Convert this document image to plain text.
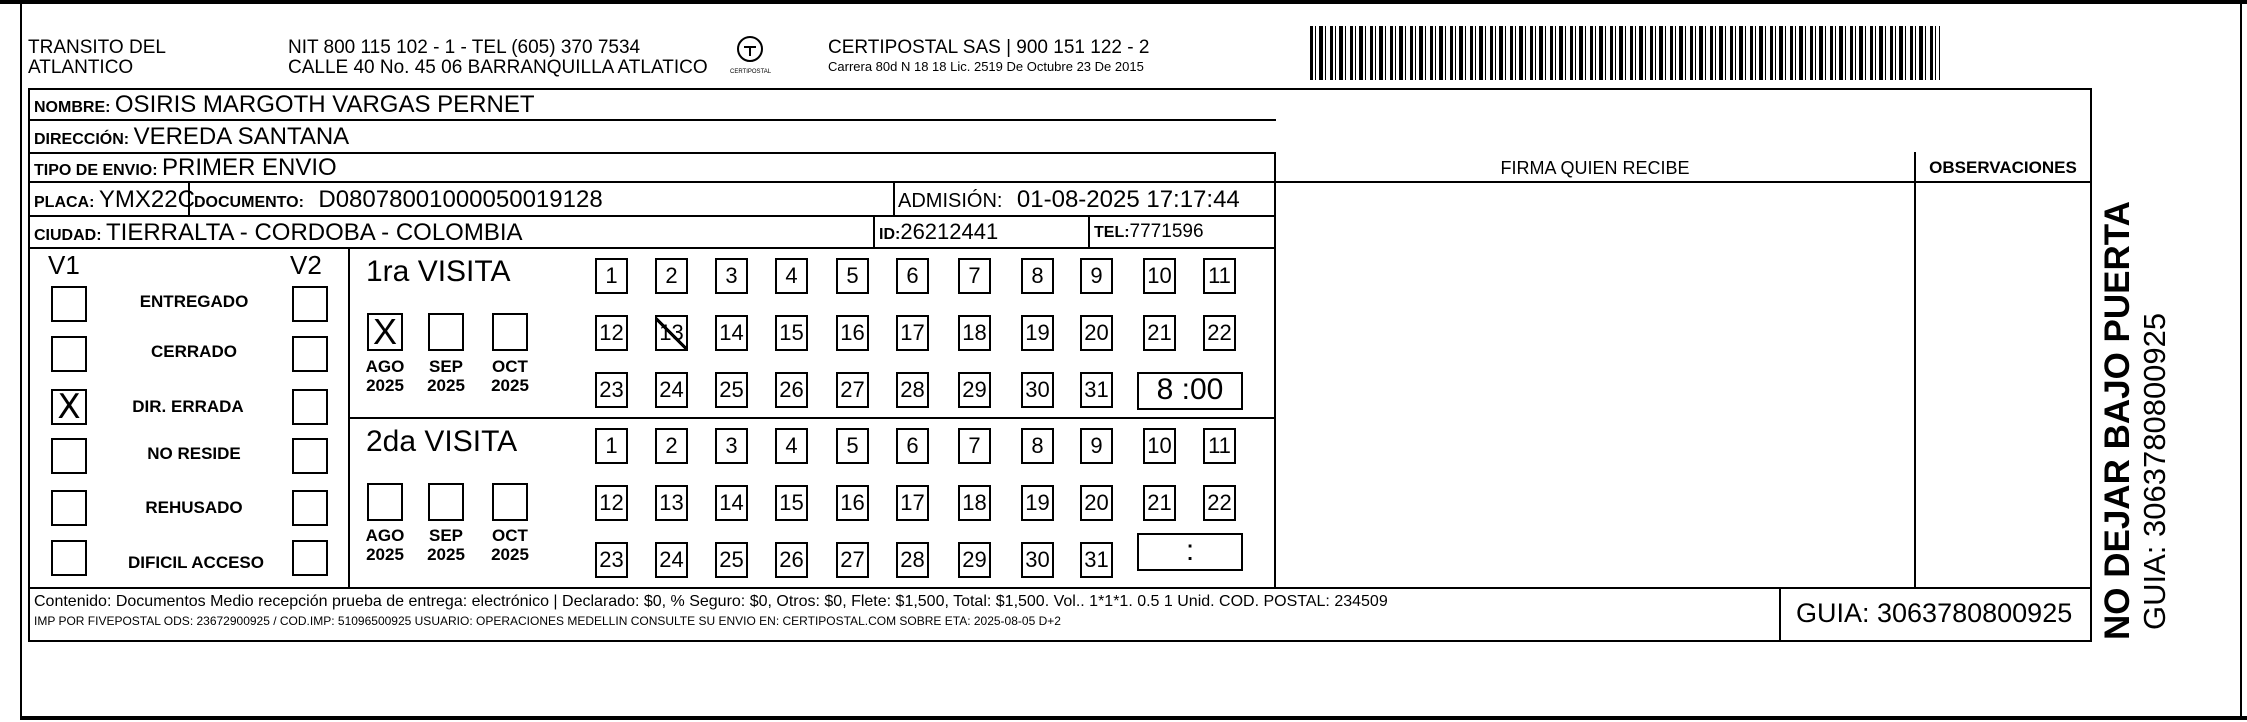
TRANSITO DEL
ATLANTICO
NIT 800 115 102 - 1 - TEL (605) 370 7534
CALLE 40 No. 45 06 BARRANQUILLA ATLATICO	CERTIPOSTAL
CERTIPOSTAL SAS | 900 151 122 - 2
Carrera 80d N 18 18 Lic. 2519 De Octubre 23 De 2015
NOMBRE: OSIRIS MARGOTH VARGAS PERNET
DIRECCIÓN: VEREDA SANTANA
TIPO DE ENVIO: PRIMER ENVIO
PLACA: YMX22C DOCUMENTO: D08078001000050019128	ADMISIÓN: 01-08-2025 17:17:44
CIUDAD: TIERRALTA - CORDOBA - COLOMBIA	ID:26212441	TEL:7771596
FIRMA QUIEN RECIBE	OBSERVACIONES
V1	V2
ENTREGADO
CERRADO
X	DIR. ERRADA
NO RESIDE
REHUSADO
DIFICIL ACCESO
1ra VISITA
X
AGO
2025
SEP
2025
OCT
2025
1	2	3	4	5	6	7	8	9	10 11
12 13 14 15 16 17 18 19 20 21 22
23 24 25 26 27 28 29 30 31	8 :00
2da VISITA
AGO
2025
SEP
2025
OCT
2025
1	2	3	4	5	6	7	8	9	10 11
12 13 14 15 16 17 18 19 20 21 22
23 24 25 26 27 28 29 30 31	:
Contenido: Documentos Medio recepción prueba de entrega: electrónico | Declarado: $0, % Seguro: $0, Otros: $0, Flete: $1,500, Total: $1,500. Vol.. 1*1*1. 0.5 1 Unid. COD. POSTAL: 234509
IMP POR FIVEPOSTAL ODS: 23672900925 / COD.IMP: 51096500925 USUARIO: OPERACIONES MEDELLIN CONSULTE SU ENVIO EN: CERTIPOSTAL.COM SOBRE ETA: 2025-08-05 D+2	GUIA: 3063780800925 NO DEJAR BAJO PUERTA GUIA: 3063780800925
